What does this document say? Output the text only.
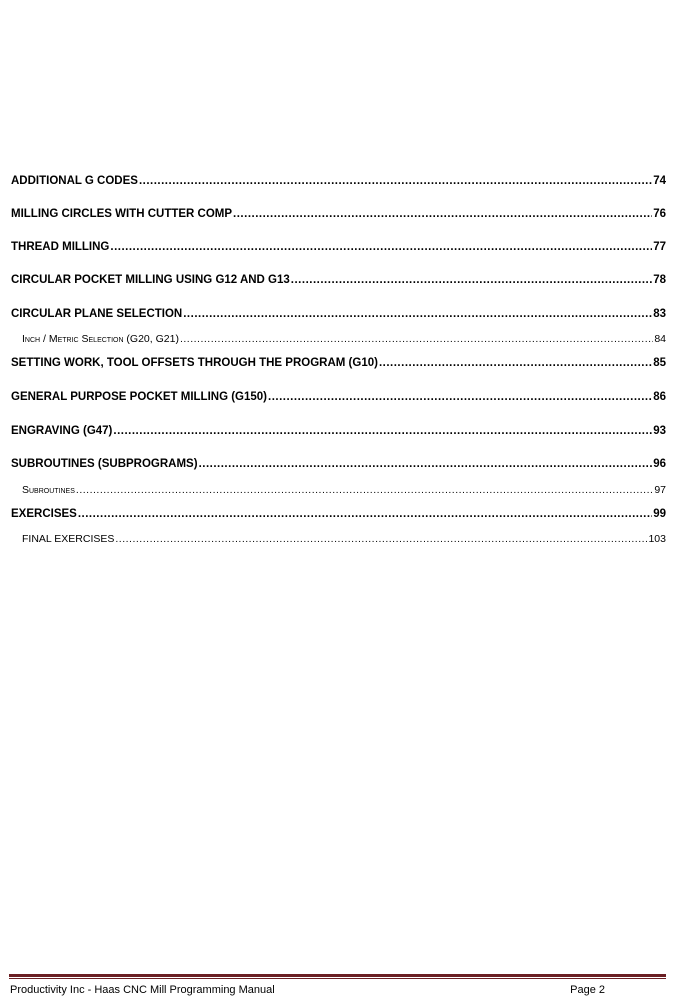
ADDITIONAL G CODES .....	74
MILLING CIRCLES WITH CUTTER COMP .....	76
THREAD MILLING .....	77
CIRCULAR POCKET MILLING USING G12 AND G13 .....	78
CIRCULAR PLANE SELECTION .....	83
Inch / Metric Selection (G20, G21) .....	84
SETTING WORK, TOOL OFFSETS THROUGH THE PROGRAM (G10) .....	85
GENERAL PURPOSE POCKET MILLING (G150) .....	86
ENGRAVING (G47) .....	93
SUBROUTINES (SUBPROGRAMS) .....	96
Subroutines .....	97
EXERCISES .....	99
FINAL EXERCISES .....	103
Productivity Inc - Haas CNC Mill Programming Manual	Page 2
